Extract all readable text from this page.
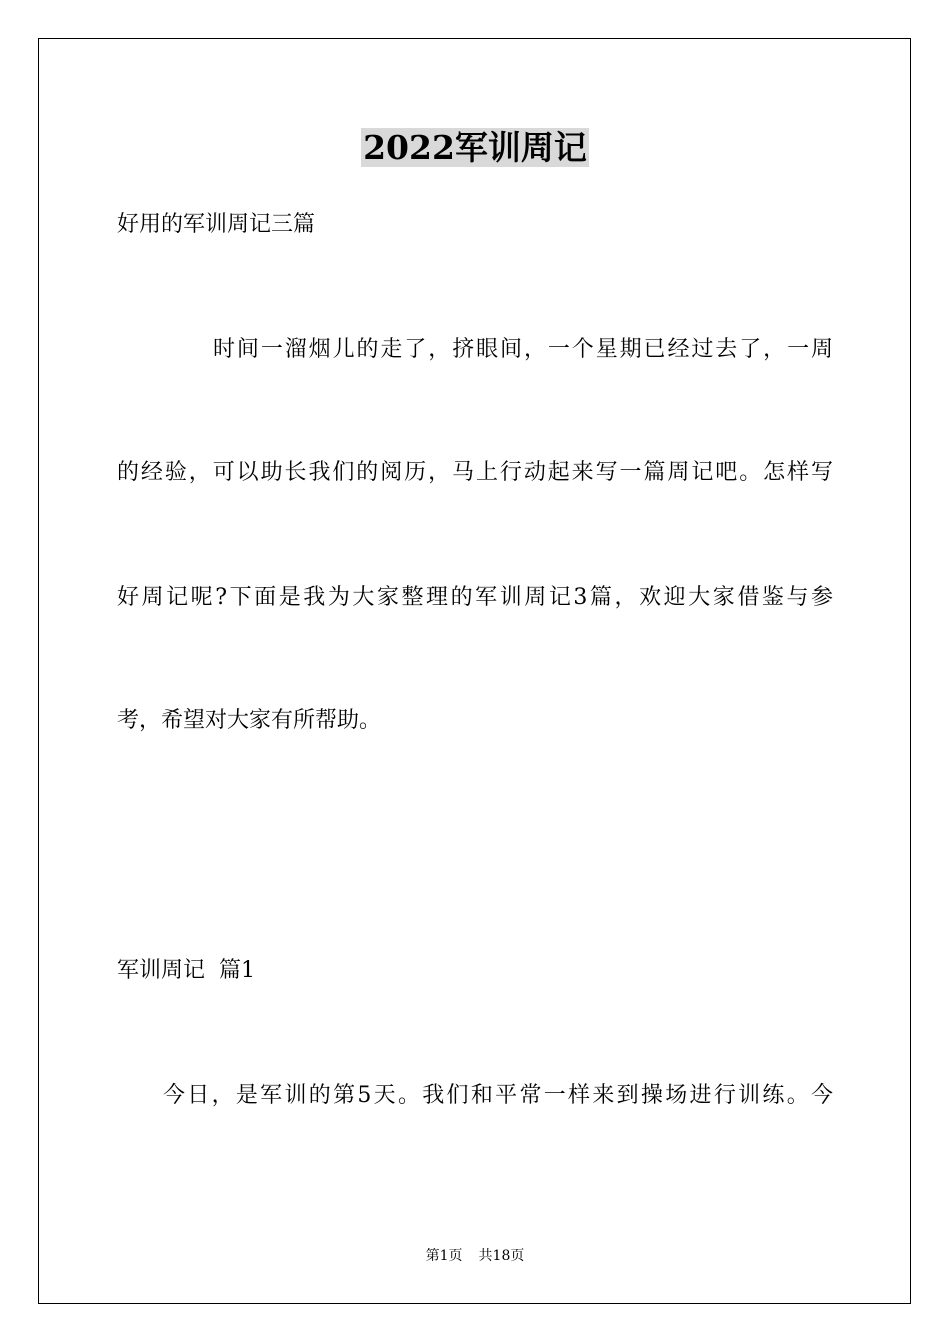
2022军训周记
好用的军训周记三篇
时间一溜烟儿的走了，挤眼间，一个星期已经过去了，一周
的经验，可以助长我们的阅历，马上行动起来写一篇周记吧。怎样写
好周记呢?下面是我为大家整理的军训周记3篇，欢迎大家借鉴与参
考，希望对大家有所帮助。
军训周记  篇1
今日，是军训的第5天。我们和平常一样来到操场进行训练。今
第1页 共18页
